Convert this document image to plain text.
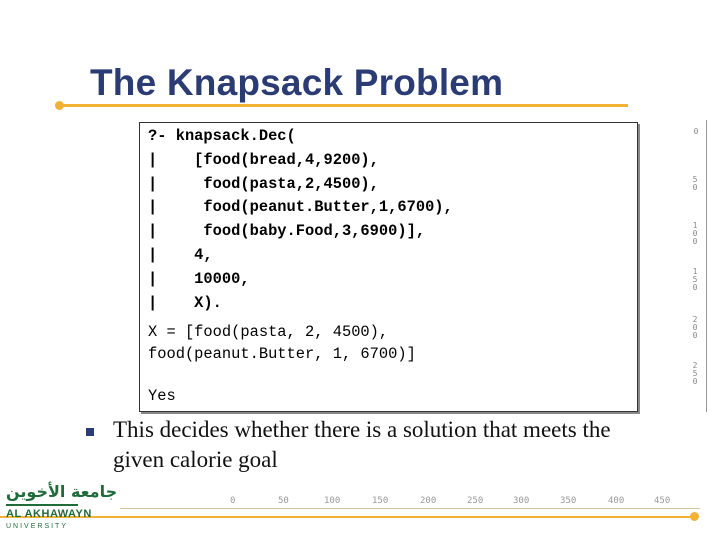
The Knapsack Problem
?- knapsack.Dec(
|    [food(bread,4,9200),
|     food(pasta,2,4500),
|     food(peanut.Butter,1,6700),
|     food(baby.Food,3,6900)],
|    4,
|    10000,
|    X).
X = [food(pasta, 2, 4500),
food(peanut.Butter, 1, 6700)]
Yes
This decides whether there is a solution that meets the given calorie goal
0
5 0
1 0 0
1 5 0
2 0 0
2 5 0
0	50	100	150	200	250	300	350	400	450
جامعة الأخوين
AL AKHAWAYN
UNIVERSITY
